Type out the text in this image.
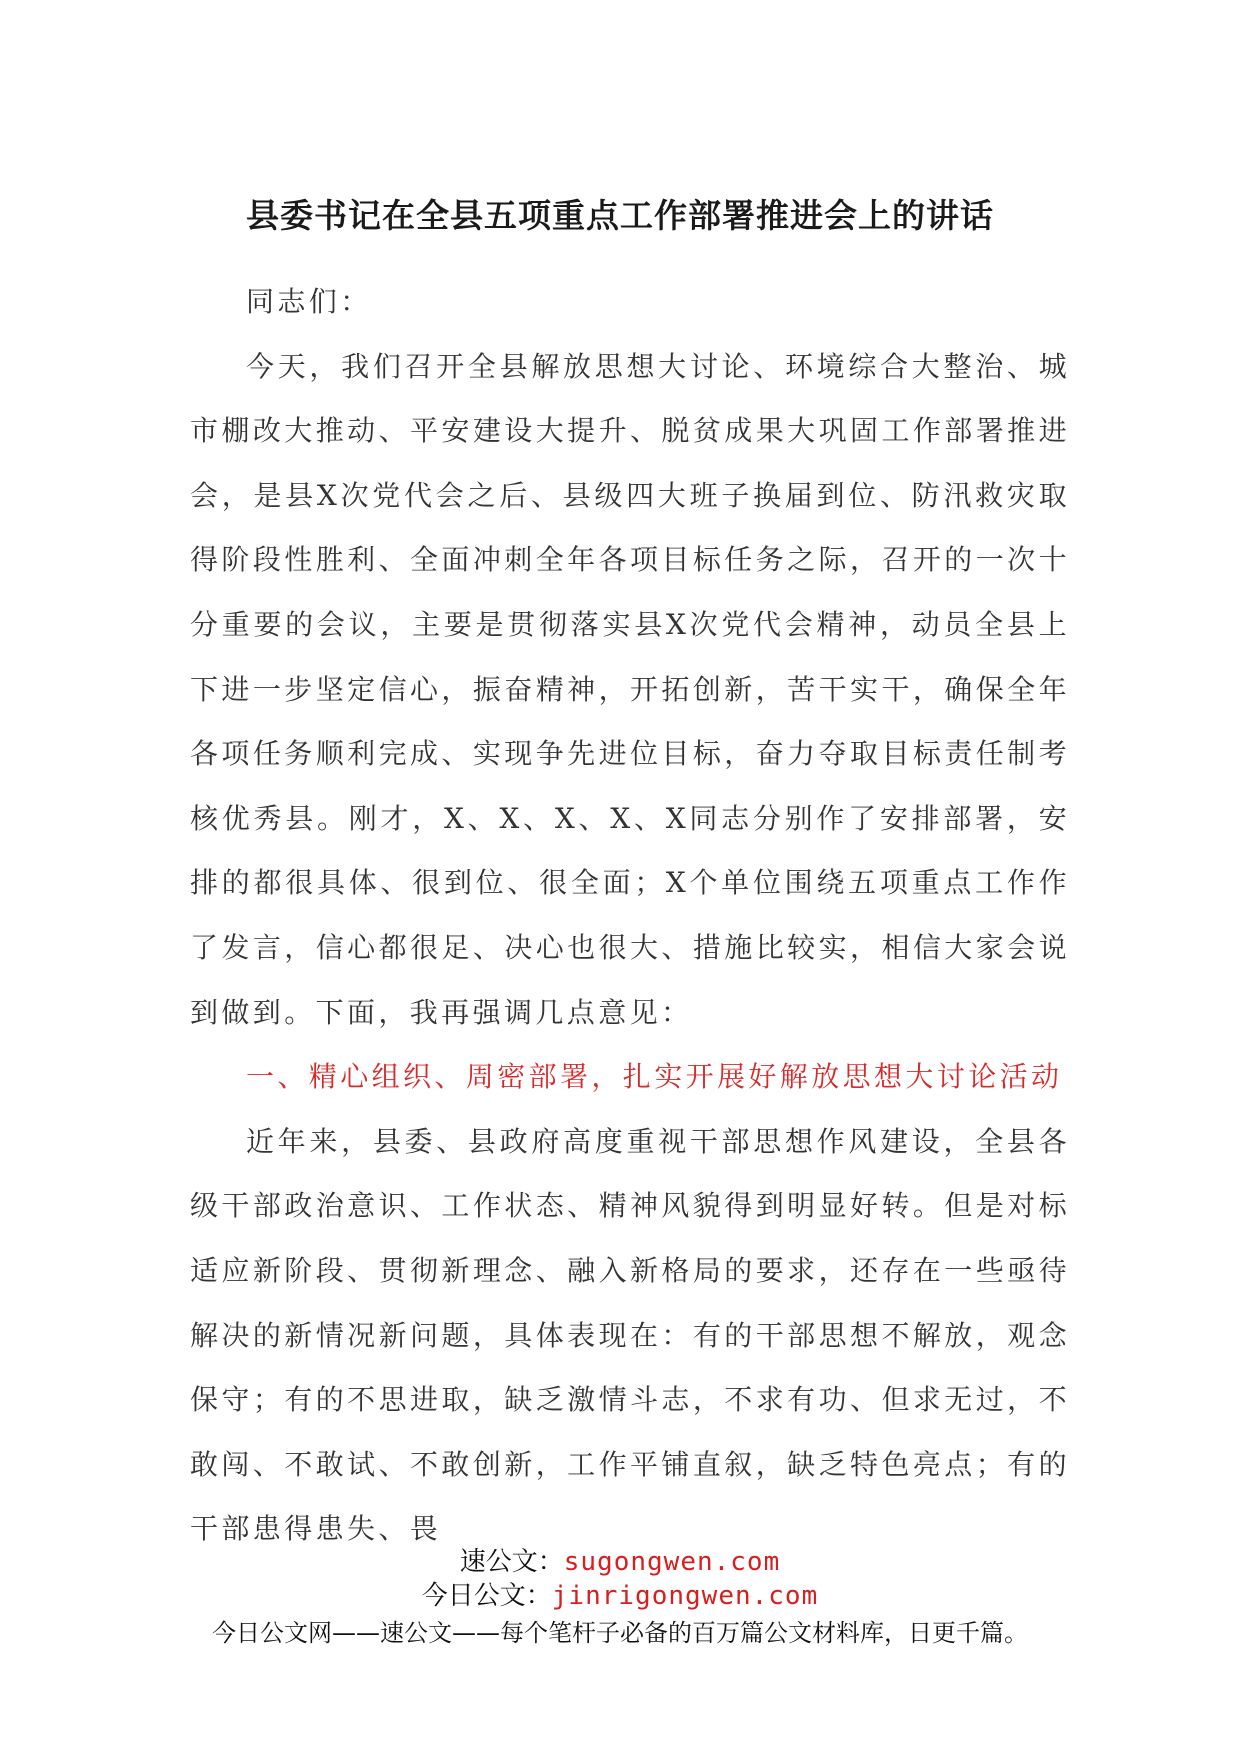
县委书记在全县五项重点工作部署推进会上的讲话

同志们：

今天，我们召开全县解放思想大讨论、环境综合大整治、城市棚改大推动、平安建设大提升、脱贫成果大巩固工作部署推进会，是县X次党代会之后、县级四大班子换届到位、防汛救灾取得阶段性胜利、全面冲刺全年各项目标任务之际，召开的一次十分重要的会议，主要是贯彻落实县X次党代会精神，动员全县上下进一步坚定信心，振奋精神，开拓创新，苦干实干，确保全年各项任务顺利完成、实现争先进位目标，奋力夺取目标责任制考核优秀县。刚才，X、X、X、X、X同志分别作了安排部署，安排的都很具体、很到位、很全面；X个单位围绕五项重点工作作了发言，信心都很足、决心也很大、措施比较实，相信大家会说到做到。下面，我再强调几点意见：

一、精心组织、周密部署，扎实开展好解放思想大讨论活动

近年来，县委、县政府高度重视干部思想作风建设，全县各级干部政治意识、工作状态、精神风貌得到明显好转。但是对标适应新阶段、贯彻新理念、融入新格局的要求，还存在一些亟待解决的新情况新问题，具体表现在：有的干部思想不解放，观念保守；有的不思进取，缺乏激情斗志，不求有功、但求无过，不敢闯、不敢试、不敢创新，工作平铺直叙，缺乏特色亮点；有的干部患得患失、畏

速公文：sugongwen.com
今日公文：jinrigongwen.com
今日公文网——速公文——每个笔杆子必备的百万篇公文材料库，日更千篇。
